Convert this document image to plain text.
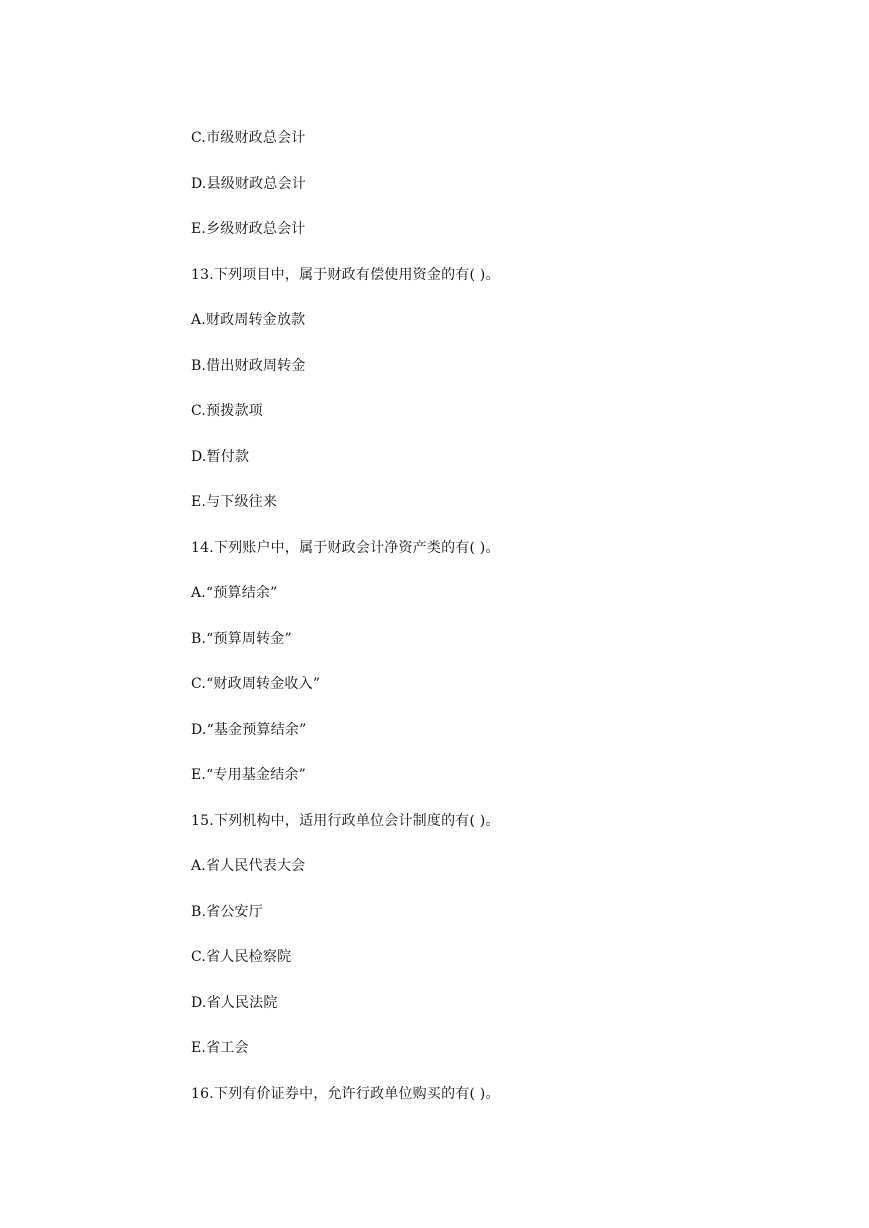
C.市级财政总会计
D.县级财政总会计
E.乡级财政总会计
13.下列项目中，属于财政有偿使用资金的有( )。
A.财政周转金放款
B.借出财政周转金
C.预拨款项
D.暂付款
E.与下级往来
14.下列账户中，属于财政会计净资产类的有( )。
A.“预算结余”
B.“预算周转金”
C.“财政周转金收入”
D.“基金预算结余”
E.“专用基金结余”
15.下列机构中，适用行政单位会计制度的有( )。
A.省人民代表大会
B.省公安厅
C.省人民检察院
D.省人民法院
E.省工会
16.下列有价证券中，允许行政单位购买的有( )。
